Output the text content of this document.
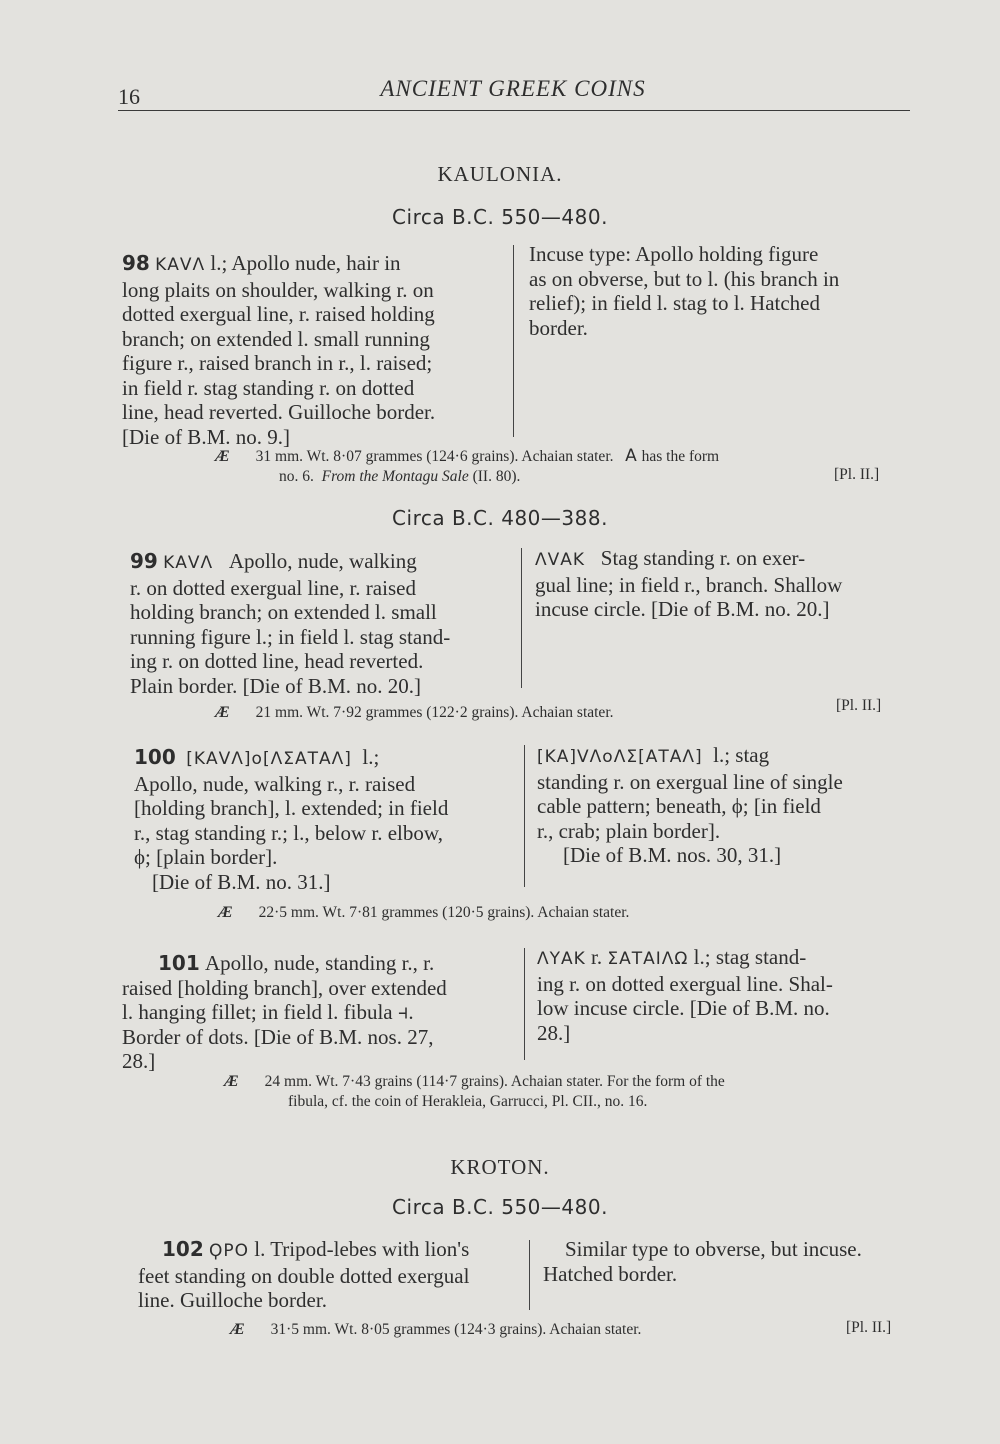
16	ANCIENT GREEK COINS
KAULONIA.
Circa B.C. 550—480.
98 ΚΑVΛ l.; Apollo nude, hair in
long plaits on shoulder, walking r. on
dotted exergual line, r. raised holding
branch; on extended l. small running
figure r., raised branch in r., l. raised;
in field r. stag standing r. on dotted
line, head reverted. Guilloche border.
[Die of B.M. no. 9.]
Incuse type: Apollo holding figure
as on obverse, but to l. (his branch in
relief); in field l. stag to l. Hatched
border.
Æ 31 mm. Wt. 8·07 grammes (124·6 grains). Achaian stater. Α has the form
no. 6. From the Montagu Sale (II. 80).	[Pl. II.]
Circa B.C. 480—388.
99 ΚΑVΛ Apollo, nude, walking
r. on dotted exergual line, r. raised
holding branch; on extended l. small
running figure l.; in field l. stag stand-
ing r. on dotted line, head reverted.
Plain border. [Die of B.M. no. 20.]
ΛVΑΚ Stag standing r. on exer-
gual line; in field r., branch. Shallow
incuse circle. [Die of B.M. no. 20.]
Æ 21 mm. Wt. 7·92 grammes (122·2 grains). Achaian stater.	[Pl. II.]
100 [ΚΑVΛ]ο[ΛΣΑΤΑΛ] l.;
Apollo, nude, walking r., r. raised
[holding branch], l. extended; in field
r., stag standing r.; l., below r. elbow,
ϕ; [plain border].
[Die of B.M. no. 31.]
[ΚΑ]VΛοΛΣ[ΑΤΑΛ] l.; stag
standing r. on exergual line of single
cable pattern; beneath, ϕ; [in field
r., crab; plain border].
[Die of B.M. nos. 30, 31.]
Æ 22·5 mm. Wt. 7·81 grammes (120·5 grains). Achaian stater.
101 Apollo, nude, standing r., r.
raised [holding branch], over extended
l. hanging fillet; in field l. fibula ⫞.
Border of dots. [Die of B.M. nos. 27,
28.]
ΛΥΑΚ r. ΣΑΤΑΙΛΩ l.; stag stand-
ing r. on dotted exergual line. Shal-
low incuse circle. [Die of B.M. no.
28.]
Æ 24 mm. Wt. 7·43 grains (114·7 grains). Achaian stater. For the form of the
fibula, cf. the coin of Herakleia, Garrucci, Pl. CII., no. 16.
KROTON.
Circa B.C. 550—480.
102 ϘΡΟ l. Tripod-lebes with lion's
feet standing on double dotted exergual
line. Guilloche border.
Similar type to obverse, but incuse.
Hatched border.
Æ 31·5 mm. Wt. 8·05 grammes (124·3 grains). Achaian stater.	[Pl. II.]
